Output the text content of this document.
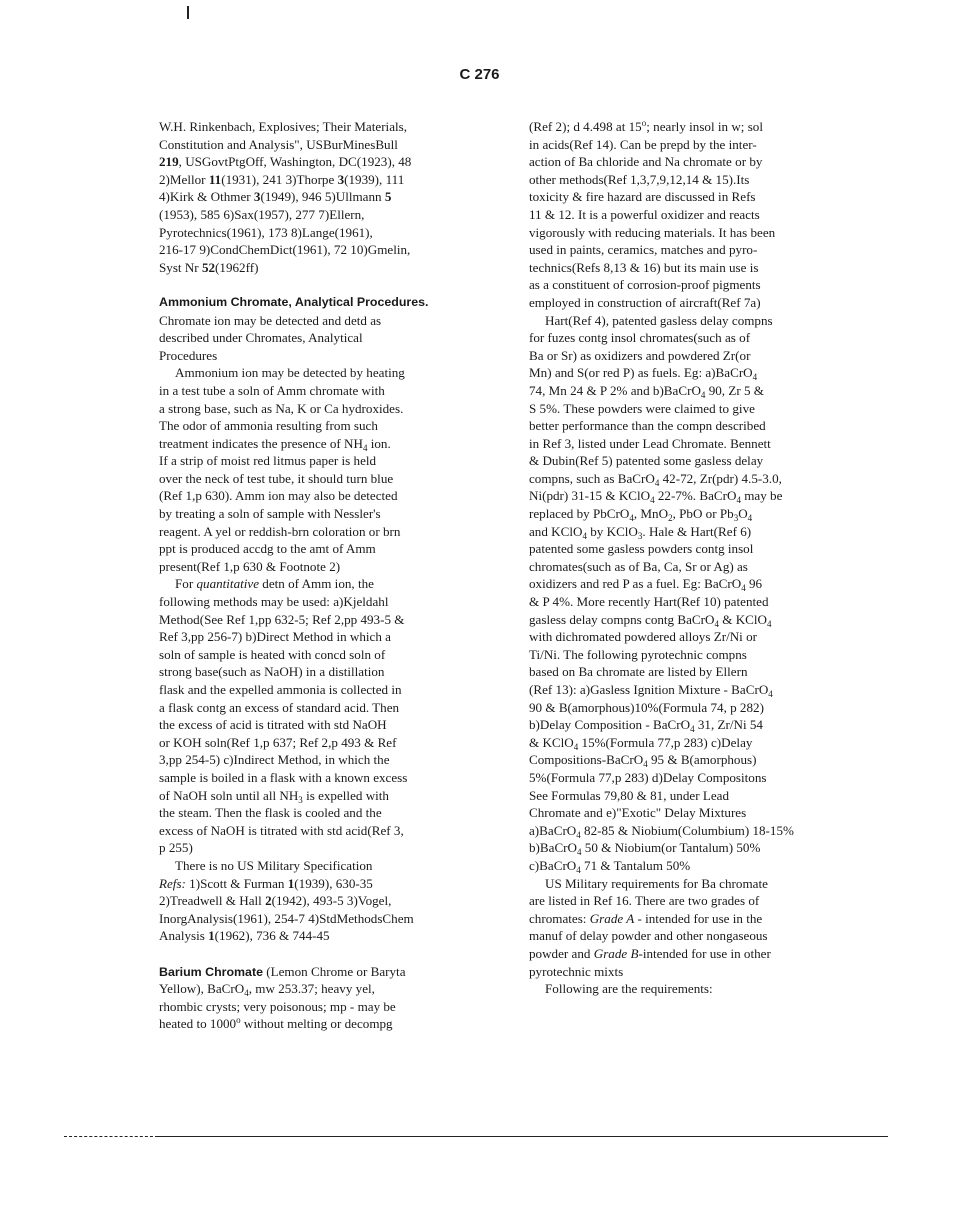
C 276
W.H. Rinkenbach, Explosives; Their Materials,
Constitution and Analysis", USBurMinesBull
219, USGovtPtgOff, Washington, DC(1923), 48
2)Mellor 11(1931), 241 3)Thorpe 3(1939), 111
4)Kirk & Othmer 3(1949), 946 5)Ullmann 5
(1953), 585 6)Sax(1957), 277 7)Ellern,
Pyrotechnics(1961), 173 8)Lange(1961),
216-17 9)CondChemDict(1961), 72 10)Gmelin,
Syst Nr 52(1962ff)
Ammonium Chromate, Analytical Procedures.
Chromate ion may be detected and detd as
described under Chromates, Analytical
Procedures
Ammonium ion may be detected by heating
in a test tube a soln of Amm chromate with
a strong base, such as Na, K or Ca hydroxides.
The odor of ammonia resulting from such
treatment indicates the presence of $NH_4$ ion.
If a strip of moist red litmus paper is held
over the neck of test tube, it should turn blue
(Ref 1,p 630). Amm ion may also be detected
by treating a soln of sample with Nessler's
reagent. A yel or reddish-brn coloration or brn
ppt is produced accdg to the amt of Amm
present(Ref 1,p 630 & Footnote 2)
For quantitative detn of Amm ion, the
following methods may be used: a)Kjeldahl
Method(See Ref 1,pp 632-5; Ref 2,pp 493-5 &
Ref 3,pp 256-7) b)Direct Method in which a
soln of sample is heated with concd soln of
strong base(such as NaOH) in a distillation
flask and the expelled ammonia is collected in
a flask contg an excess of standard acid. Then
the excess of acid is titrated with std NaOH
or KOH soln(Ref 1,p 637; Ref 2,p 493 & Ref
3,pp 254-5) c)Indirect Method, in which the
sample is boiled in a flask with a known excess
of NaOH soln until all $NH_3$ is expelled with
the steam. Then the flask is cooled and the
excess of NaOH is titrated with std acid(Ref 3,
p 255)
There is no US Military Specification
Refs: 1)Scott & Furman 1(1939), 630-35
2)Treadwell & Hall 2(1942), 493-5 3)Vogel,
InorgAnalysis(1961), 254-7 4)StdMethodsChem
Analysis 1(1962), 736 & 744-45
Barium Chromate (Lemon Chrome or Baryta
Yellow), BaCrO$_4$, mw 253.37; heavy yel,
rhombic crysts; very poisonous; mp - may be
heated to 1000$^o$ without melting or decompg
(Ref 2); d 4.498 at 15$^o$; nearly insol in w; sol
in acids(Ref 14). Can be prepd by the inter-
action of Ba chloride and Na chromate or by
other methods(Ref 1,3,7,9,12,14 & 15).Its
toxicity & fire hazard are discussed in Refs
11 & 12. It is a powerful oxidizer and reacts
vigorously with reducing materials. It has been
used in paints, ceramics, matches and pyro-
technics(Refs 8,13 & 16) but its main use is
as a constituent of corrosion-proof pigments
employed in construction of aircraft(Ref 7a)
Hart(Ref 4), patented gasless delay compns
for fuzes contg insol chromates(such as of
Ba or Sr) as oxidizers and powdered Zr(or
Mn) and S(or red P) as fuels. Eg: a)BaCrO$_4$
74, Mn 24 & P 2% and b)BaCrO$_4$ 90, Zr 5 &
S 5%. These powders were claimed to give
better performance than the compn described
in Ref 3, listed under Lead Chromate. Bennett
& Dubin(Ref 5) patented some gasless delay
compns, such as BaCrO$_4$ 42-72, Zr(pdr) 4.5-3.0,
Ni(pdr) 31-15 & KClO$_4$ 22-7%. BaCrO$_4$ may be
replaced by PbCrO$_4$, MnO$_2$, PbO or $Pb_3O_4$
and KClO$_4$ by KClO$_3$. Hale & Hart(Ref 6)
patented some gasless powders contg insol
chromates(such as of Ba, Ca, Sr or Ag) as
oxidizers and red P as a fuel. Eg: BaCrO$_4$ 96
& P 4%. More recently Hart(Ref 10) patented
gasless delay compns contg BaCrO$_4$ & KClO$_4$
with dichromated powdered alloys Zr/Ni or
Ti/Ni. The following pyrotechnic compns
based on Ba chromate are listed by Ellern
(Ref 13): a)Gasless Ignition Mixture - BaCrO$_4$
90 & B(amorphous)10%(Formula 74, p 282)
b)Delay Composition - BaCrO$_4$ 31, Zr/Ni 54
& KClO$_4$ 15%(Formula 77,p 283) c)Delay
Compositions-BaCrO$_4$ 95 & B(amorphous)
5%(Formula 77,p 283) d)Delay Compositons
See Formulas 79,80 & 81, under Lead
Chromate and e)"Exotic" Delay Mixtures
a)BaCrO$_4$ 82-85 & Niobium(Columbium) 18-15%
b)BaCrO$_4$ 50 & Niobium(or Tantalum) 50%
c)BaCrO$_4$ 71 & Tantalum 50%
US Military requirements for Ba chromate
are listed in Ref 16. There are two grades of
chromates: Grade A - intended for use in the
manuf of delay powder and other nongaseous
powder and Grade B-intended for use in other
pyrotechnic mixts
Following are the requirements:
